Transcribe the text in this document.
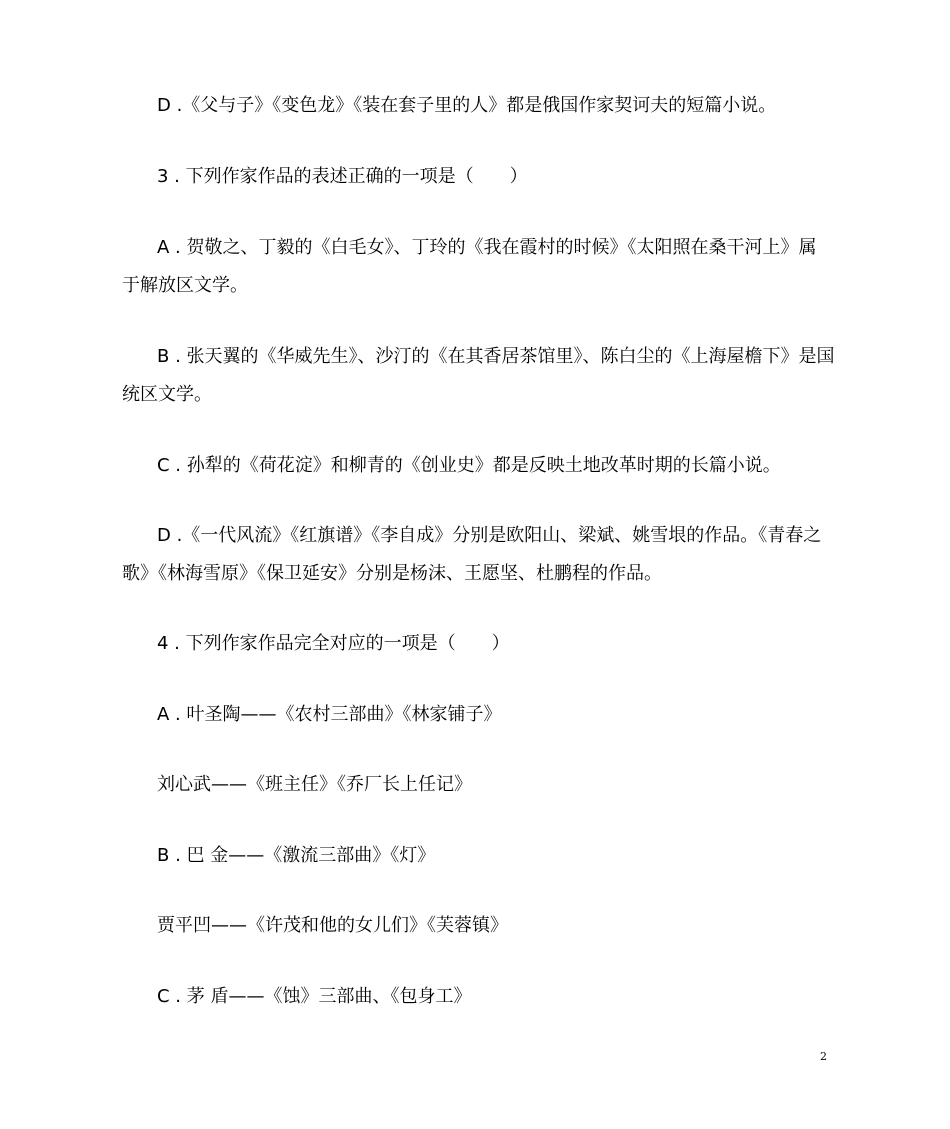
D .《父与子》《变色龙》《装在套子里的人》都是俄国作家契诃夫的短篇小说。
3 . 下列作家作品的表述正确的一项是（　　）
A . 贺敬之、丁毅的《白毛女》、丁玲的《我在霞村的时候》《太阳照在桑干河上》属
于解放区文学。
B . 张天翼的《华威先生》、沙汀的《在其香居茶馆里》、陈白尘的《上海屋檐下》是国
统区文学。
C . 孙犁的《荷花淀》和柳青的《创业史》都是反映土地改革时期的长篇小说。
D .《一代风流》《红旗谱》《李自成》分别是欧阳山、梁斌、姚雪垠的作品。《青春之
歌》《林海雪原》《保卫延安》分别是杨沫、王愿坚、杜鹏程的作品。
4 . 下列作家作品完全对应的一项是（　　）
A . 叶圣陶——《农村三部曲》《林家铺子》
刘心武——《班主任》《乔厂长上任记》
B . 巴 金——《激流三部曲》《灯》
贾平凹——《许茂和他的女儿们》《芙蓉镇》
C . 茅 盾——《蚀》三部曲、《包身工》
2
